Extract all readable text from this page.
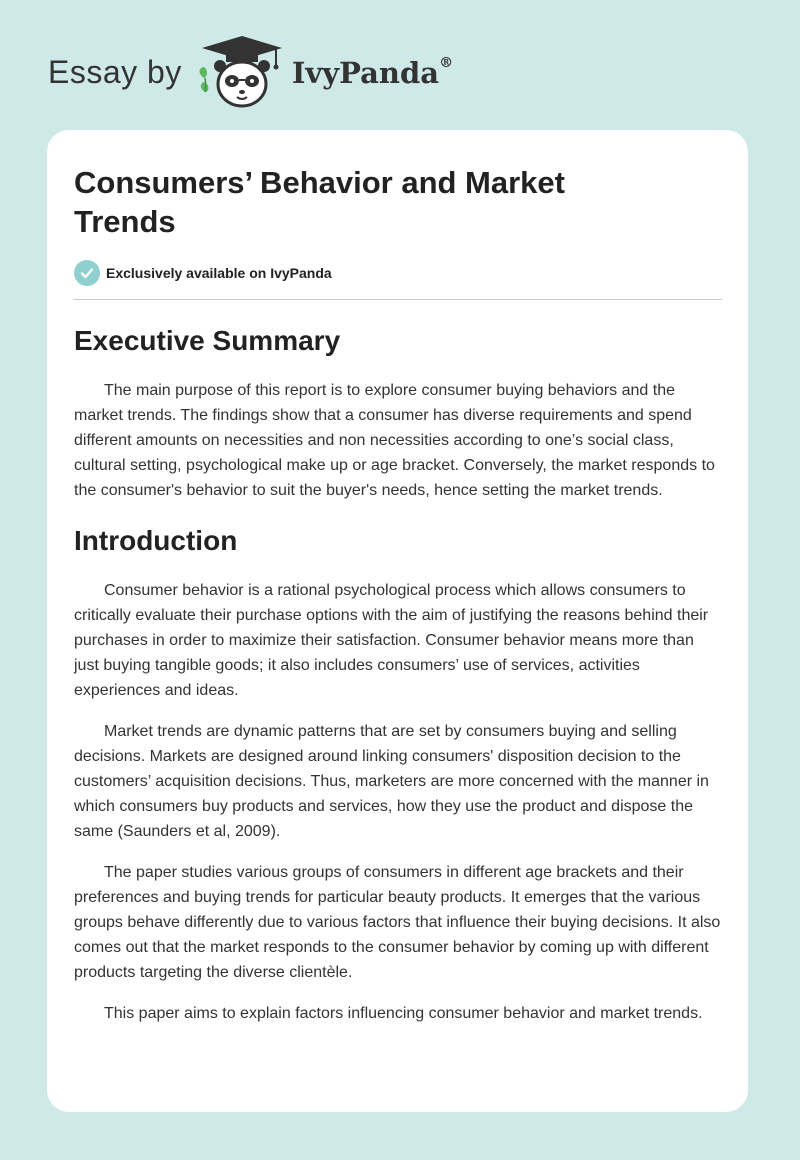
Essay by	IvyPanda®
Consumers’ Behavior and Market Trends
Exclusively available on IvyPanda
Executive Summary

The main purpose of this report is to explore consumer buying behaviors and the market trends. The findings show that a consumer has diverse requirements and spend different amounts on necessities and non necessities according to one’s social class, cultural setting, psychological make up or age bracket. Conversely, the market responds to the consumer's behavior to suit the buyer's needs, hence setting the market trends.

Introduction

Consumer behavior is a rational psychological process which allows consumers to critically evaluate their purchase options with the aim of justifying the reasons behind their purchases in order to maximize their satisfaction. Consumer behavior means more than just buying tangible goods; it also includes consumers’ use of services, activities experiences and ideas.

Market trends are dynamic patterns that are set by consumers buying and selling decisions. Markets are designed around linking consumers' disposition decision to the customers’ acquisition decisions. Thus, marketers are more concerned with the manner in which consumers buy products and services, how they use the product and dispose the same (Saunders et al, 2009).

The paper studies various groups of consumers in different age brackets and their preferences and buying trends for particular beauty products. It emerges that the various groups behave differently due to various factors that influence their buying decisions. It also comes out that the market responds to the consumer behavior by coming up with different products targeting the diverse clientèle.

This paper aims to explain factors influencing consumer behavior and market trends.
